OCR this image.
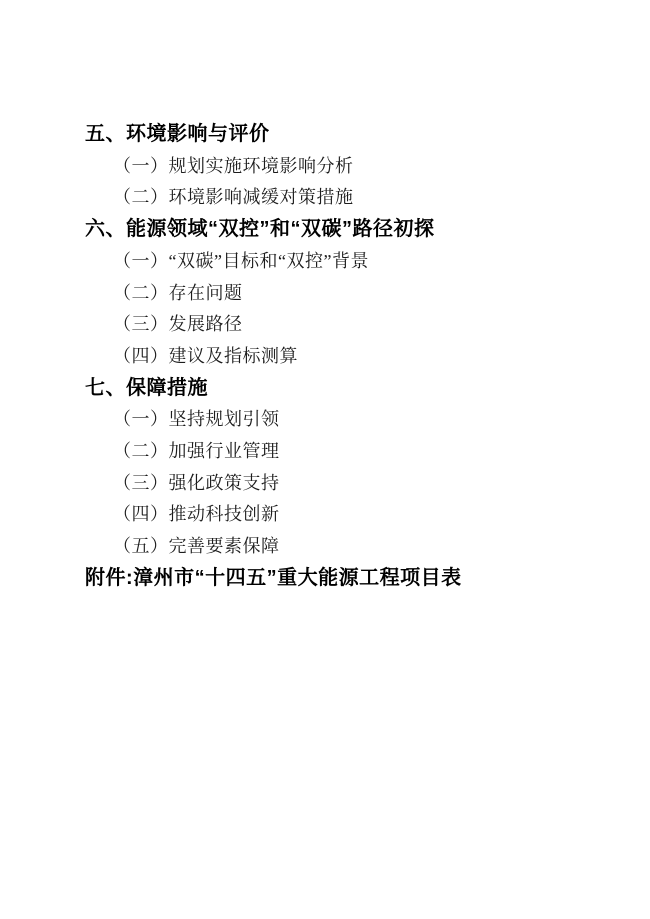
五、环境影响与评价
（一）规划实施环境影响分析
（二）环境影响减缓对策措施
六、能源领域“双控”和“双碳”路径初探
（一）“双碳”目标和“双控”背景
（二）存在问题
（三）发展路径
（四）建议及指标测算
七、保障措施
（一）坚持规划引领
（二）加强行业管理
（三）强化政策支持
（四）推动科技创新
（五）完善要素保障
附件:漳州市“十四五”重大能源工程项目表
